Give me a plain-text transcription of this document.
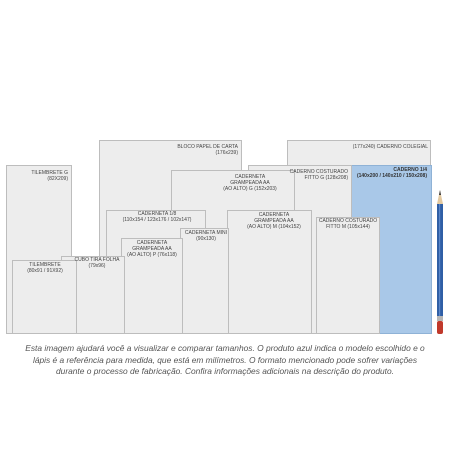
TILEMBRETE G
(82X209)
BLOCO PAPEL DE CARTA
(176x239)
(177x240) CADERNO COLEGIAL
CADERNO 1/4
(140x200 / 140x210 / 150x208)
CADERNO COSTURADO
FITTO G (128x208)
CADERNETA
GRAMPEADA AA
(AO ALTO) G (152x203)
CADERNETA 1/8
(110x154 / 123x176 / 102x147)
CADERNETA
GRAMPEADA AA
(AO ALTO) M (104x152)
CADERNO COSTURADO
FITTO M (105x144)
CADERNETA MINI
(90x130)
CADERNETA
GRAMPEADA AA
(AO ALTO) P (76x118)
CUBO TIRA FOLHA
(79x96)
TILEMBRETE
(80x91 / 91X92)
Esta imagem ajudará você a visualizar e comparar tamanhos. O produto azul indica o modelo escolhido e o lápis é a referência para medida, que está em milímetros. O formato mencionado pode sofrer variações durante o processo de fabricação. Confira informações adicionais na descrição do produto.
